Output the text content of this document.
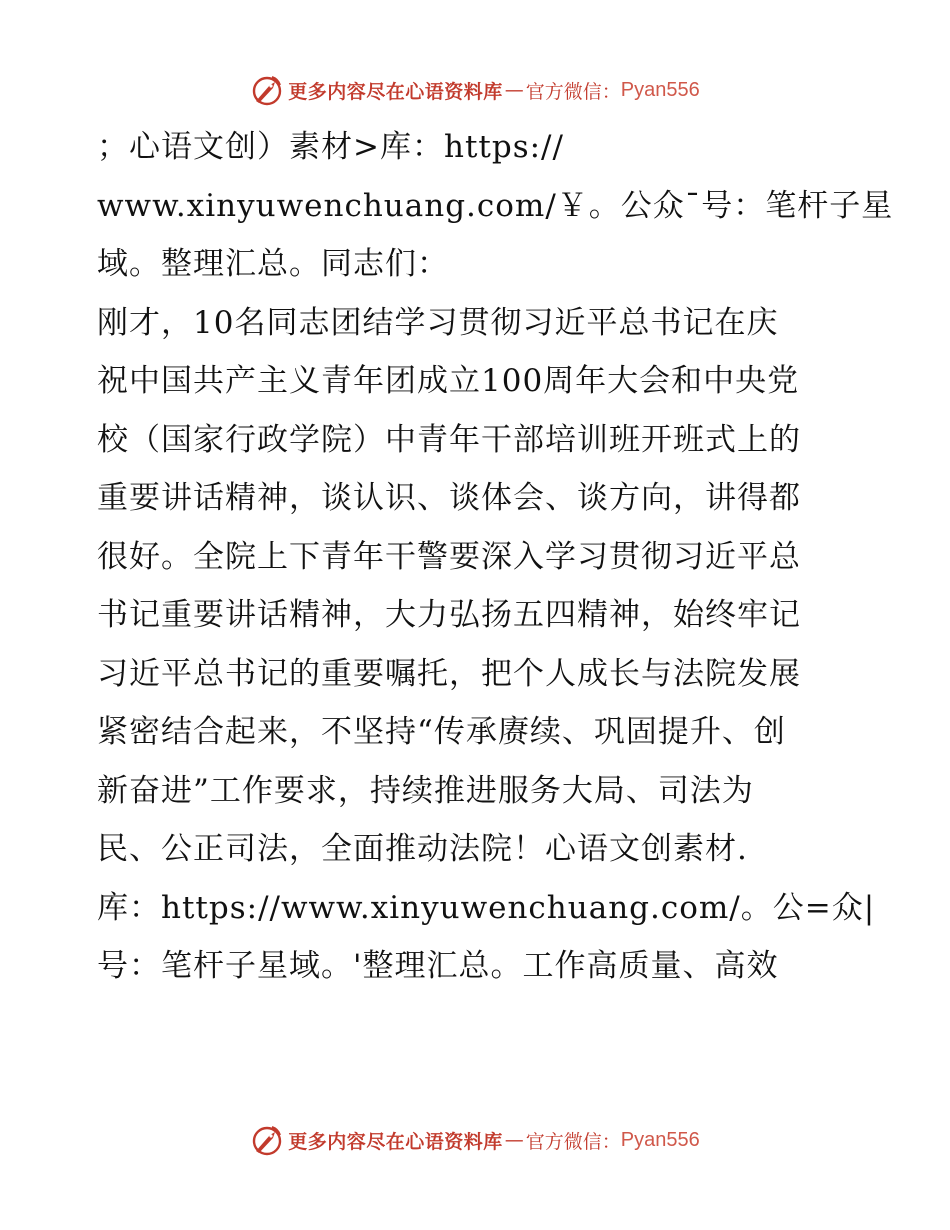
更多内容尽在心语资料库 — 官方微信： Pyan556
；心语文创）素材>库：https://
www.xinyuwenchuang.com/￥。公众¯号：笔杆子星
域。整理汇总。同志们：
刚才，10名同志团结学习贯彻习近平总书记在庆
祝中国共产主义青年团成立100周年大会和中央党
校（国家行政学院）中青年干部培训班开班式上的
重要讲话精神，谈认识、谈体会、谈方向，讲得都
很好。全院上下青年干警要深入学习贯彻习近平总
书记重要讲话精神，大力弘扬五四精神，始终牢记
习近平总书记的重要嘱托，把个人成长与法院发展
紧密结合起来，不坚持“传承赓续、巩固提升、创
新奋进”工作要求，持续推进服务大局、司法为
民、公正司法，全面推动法院！心语文创素材.
库：https://www.xinyuwenchuang.com/。公=众|
号：笔杆子星域。'整理汇总。工作高质量、高效
更多内容尽在心语资料库 — 官方微信： Pyan556
